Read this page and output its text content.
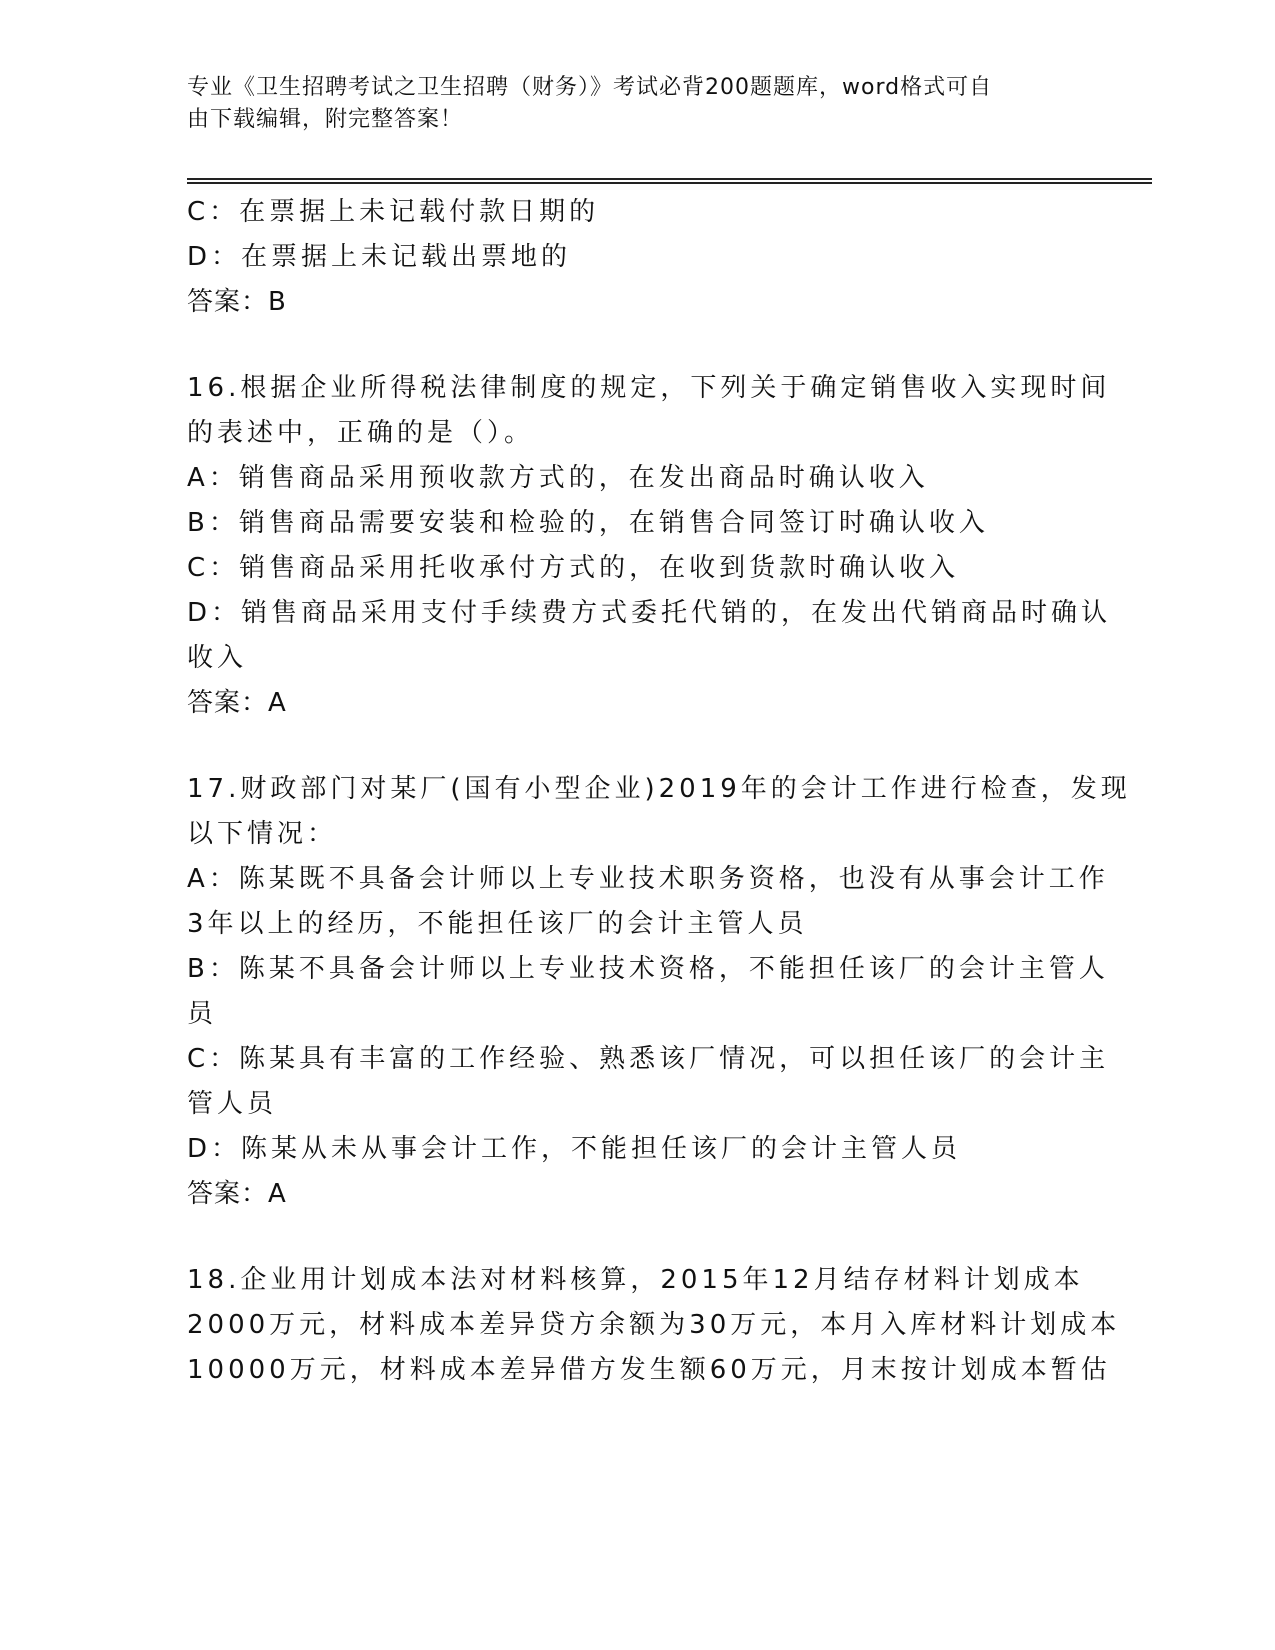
专业《卫生招聘考试之卫生招聘（财务）》考试必背200题题库，word格式可自
由下载编辑，附完整答案！
C：在票据上未记载付款日期的
D：在票据上未记载出票地的
答案：B
16.根据企业所得税法律制度的规定，下列关于确定销售收入实现时间
的表述中，正确的是（）。
A：销售商品采用预收款方式的，在发出商品时确认收入
B：销售商品需要安装和检验的，在销售合同签订时确认收入
C：销售商品采用托收承付方式的，在收到货款时确认收入
D：销售商品采用支付手续费方式委托代销的，在发出代销商品时确认
收入
答案：A
17.财政部门对某厂(国有小型企业)2019年的会计工作进行检查，发现
以下情况：
A：陈某既不具备会计师以上专业技术职务资格，也没有从事会计工作
3年以上的经历，不能担任该厂的会计主管人员
B：陈某不具备会计师以上专业技术资格，不能担任该厂的会计主管人
员
C：陈某具有丰富的工作经验、熟悉该厂情况，可以担任该厂的会计主
管人员
D：陈某从未从事会计工作，不能担任该厂的会计主管人员
答案：A
18.企业用计划成本法对材料核算，2015年12月结存材料计划成本
2000万元，材料成本差异贷方余额为30万元，本月入库材料计划成本
10000万元，材料成本差异借方发生额60万元，月末按计划成本暂估
